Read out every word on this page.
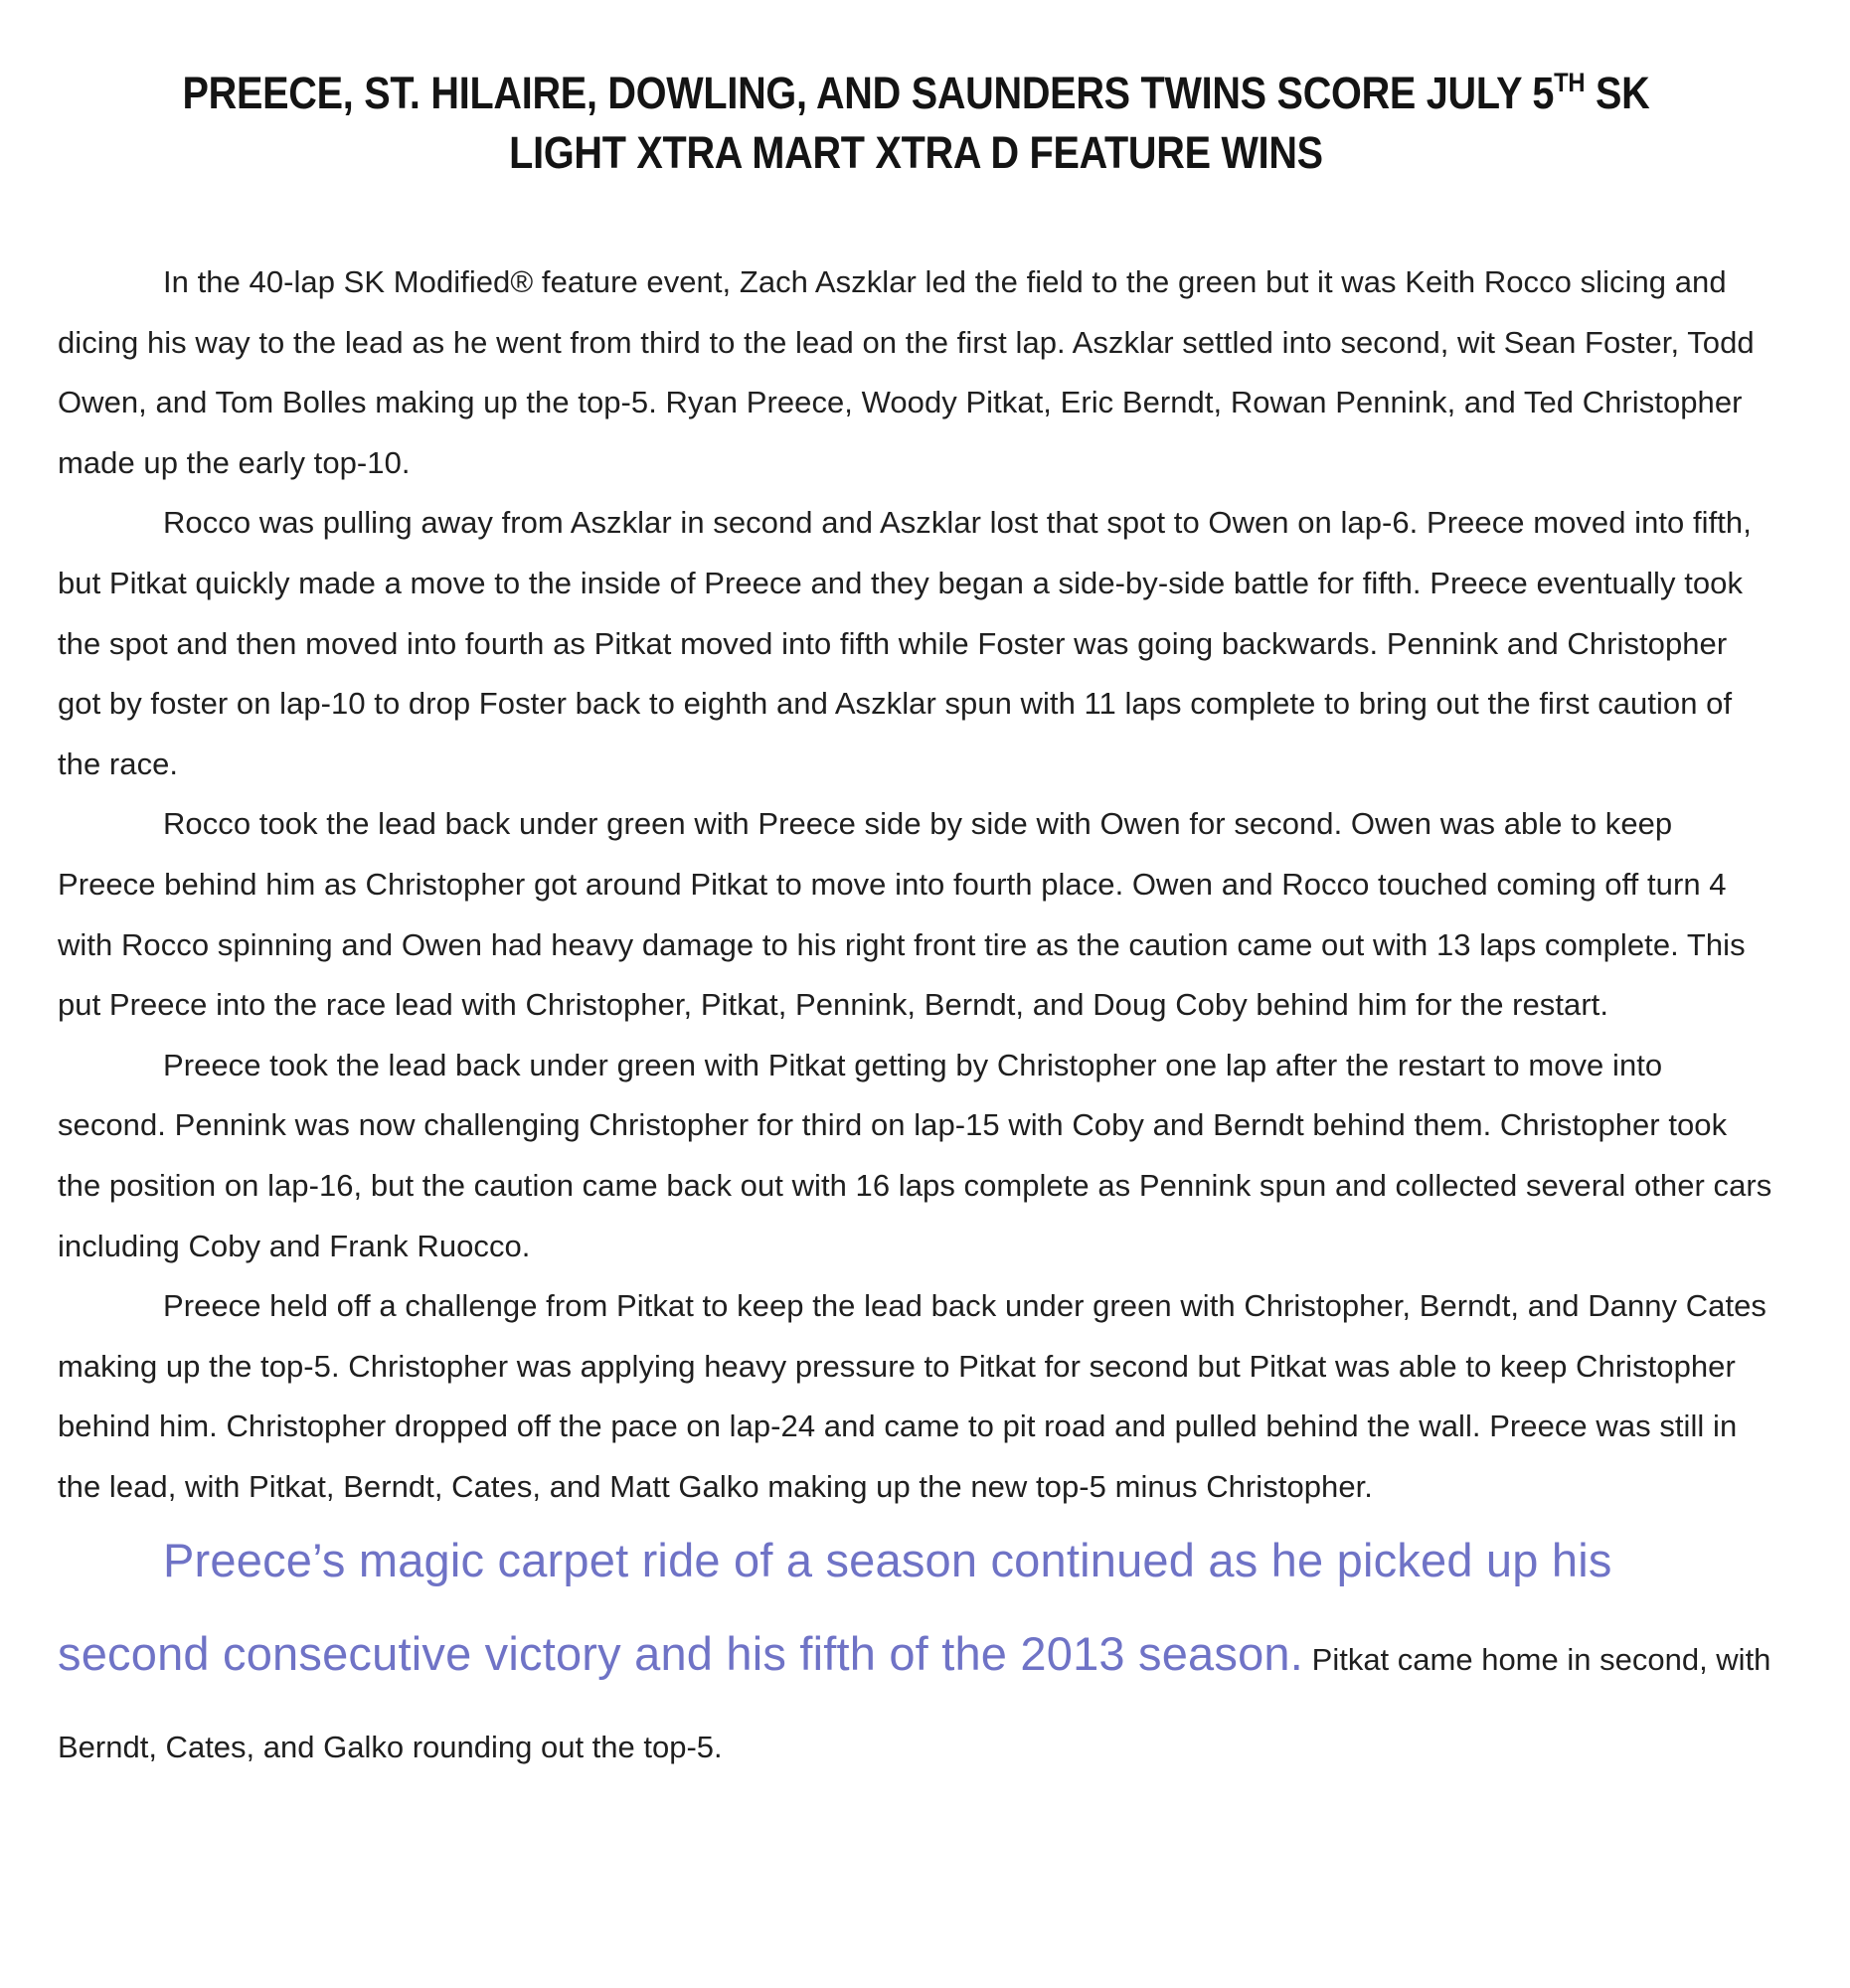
PREECE, ST. HILAIRE, DOWLING, AND SAUNDERS TWINS SCORE JULY 5TH SK
LIGHT XTRA MART XTRA D FEATURE WINS

In the 40-lap SK Modified® feature event, Zach Aszklar led the field to the green but it was Keith Rocco slicing and dicing his way to the lead as he went from third to the lead on the first lap. Aszklar settled into second, wit Sean Foster, Todd Owen, and Tom Bolles making up the top-5. Ryan Preece, Woody Pitkat, Eric Berndt, Rowan Pennink, and Ted Christopher made up the early top-10.

Rocco was pulling away from Aszklar in second and Aszklar lost that spot to Owen on lap-6. Preece moved into fifth, but Pitkat quickly made a move to the inside of Preece and they began a side-by-side battle for fifth. Preece eventually took the spot and then moved into fourth as Pitkat moved into fifth while Foster was going backwards. Pennink and Christopher got by foster on lap-10 to drop Foster back to eighth and Aszklar spun with 11 laps complete to bring out the first caution of the race.

Rocco took the lead back under green with Preece side by side with Owen for second. Owen was able to keep Preece behind him as Christopher got around Pitkat to move into fourth place. Owen and Rocco touched coming off turn 4 with Rocco spinning and Owen had heavy damage to his right front tire as the caution came out with 13 laps complete. This put Preece into the race lead with Christopher, Pitkat, Pennink, Berndt, and Doug Coby behind him for the restart.

Preece took the lead back under green with Pitkat getting by Christopher one lap after the restart to move into second. Pennink was now challenging Christopher for third on lap-15 with Coby and Berndt behind them. Christopher took the position on lap-16, but the caution came back out with 16 laps complete as Pennink spun and collected several other cars including Coby and Frank Ruocco.

Preece held off a challenge from Pitkat to keep the lead back under green with Christopher, Berndt, and Danny Cates making up the top-5. Christopher was applying heavy pressure to Pitkat for second but Pitkat was able to keep Christopher behind him. Christopher dropped off the pace on lap-24 and came to pit road and pulled behind the wall. Preece was still in the lead, with Pitkat, Berndt, Cates, and Matt Galko making up the new top-5 minus Christopher.

Preece’s magic carpet ride of a season continued as he picked up his second consecutive victory and his fifth of the 2013 season. Pitkat came home in second, with Berndt, Cates, and Galko rounding out the top-5.
